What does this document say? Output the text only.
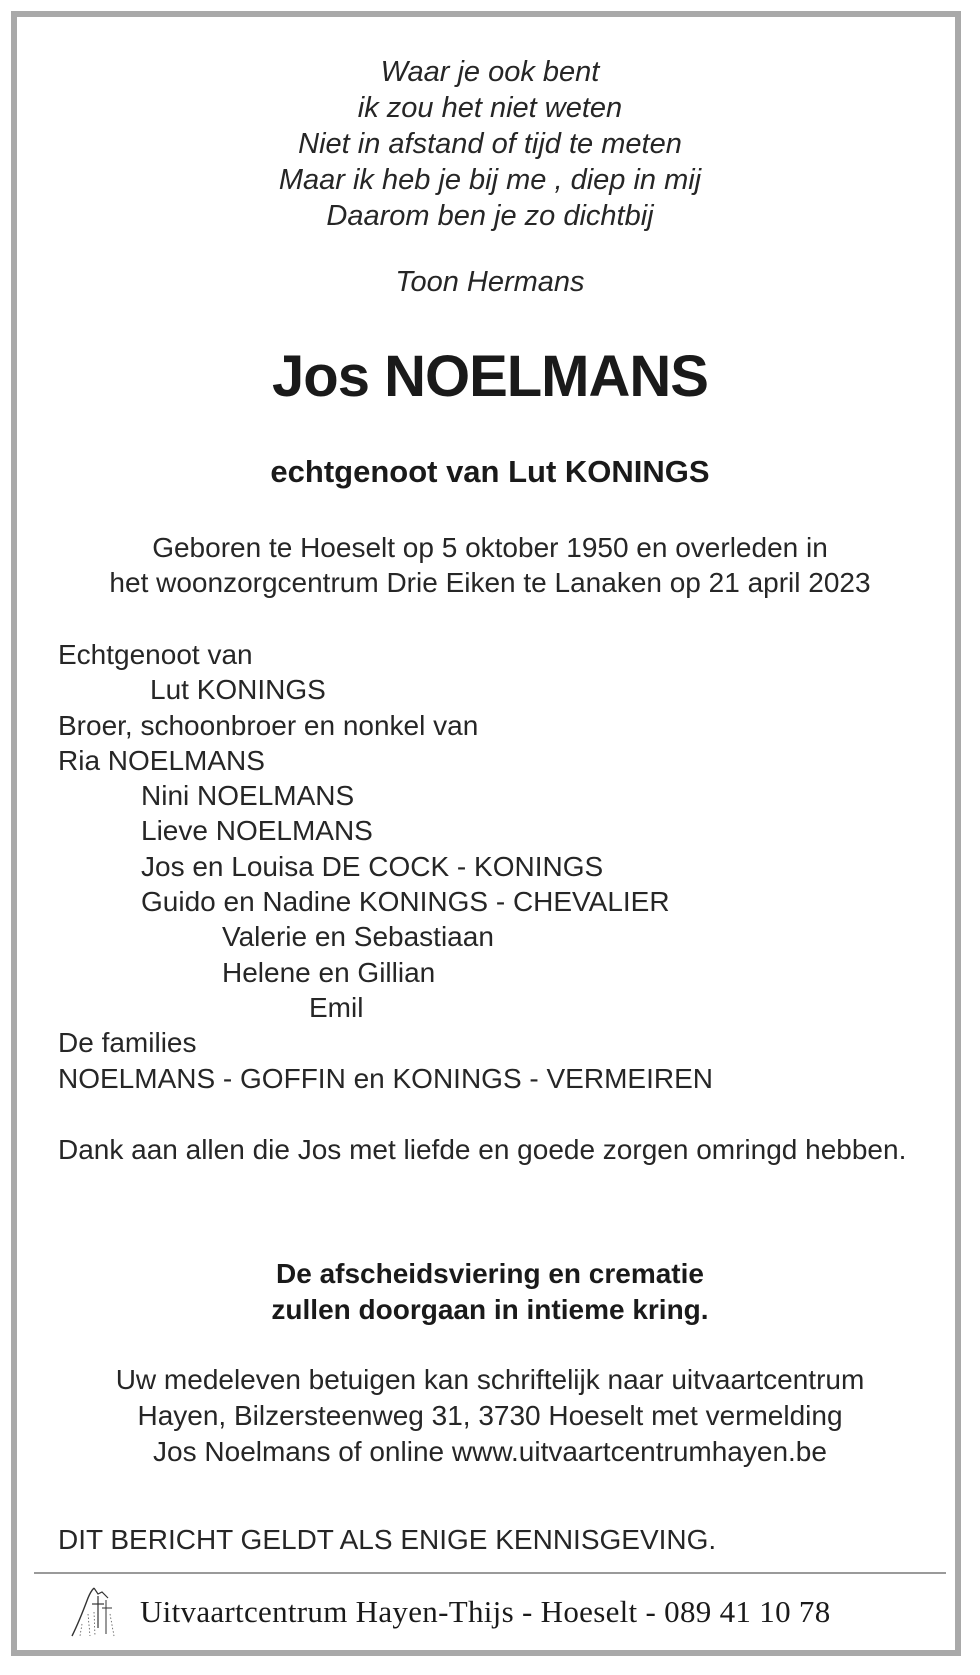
Waar je ook bent
ik zou het niet weten
Niet in afstand of tijd te meten
Maar ik heb je bij me , diep in mij
Daarom ben je zo dichtbij
Toon Hermans
Jos NOELMANS
echtgenoot van Lut KONINGS
Geboren te Hoeselt op 5 oktober 1950 en overleden in
het woonzorgcentrum Drie Eiken te Lanaken op 21 april 2023
Echtgenoot van
Lut KONINGS
Broer, schoonbroer en nonkel van
Ria NOELMANS
Nini NOELMANS
Lieve NOELMANS
Jos en Louisa DE COCK - KONINGS
Guido en Nadine KONINGS - CHEVALIER
Valerie en Sebastiaan
Helene en Gillian
Emil
De families
NOELMANS - GOFFIN en KONINGS - VERMEIREN
Dank aan allen die Jos met liefde en goede zorgen omringd hebben.
De afscheidsviering en crematie
zullen doorgaan in intieme kring.
Uw medeleven betuigen kan schriftelijk naar uitvaartcentrum
Hayen, Bilzersteenweg 31, 3730 Hoeselt met vermelding
Jos Noelmans of online www.uitvaartcentrumhayen.be
DIT BERICHT GELDT ALS ENIGE KENNISGEVING.
Uitvaartcentrum Hayen-Thijs - Hoeselt - 089 41 10 78
